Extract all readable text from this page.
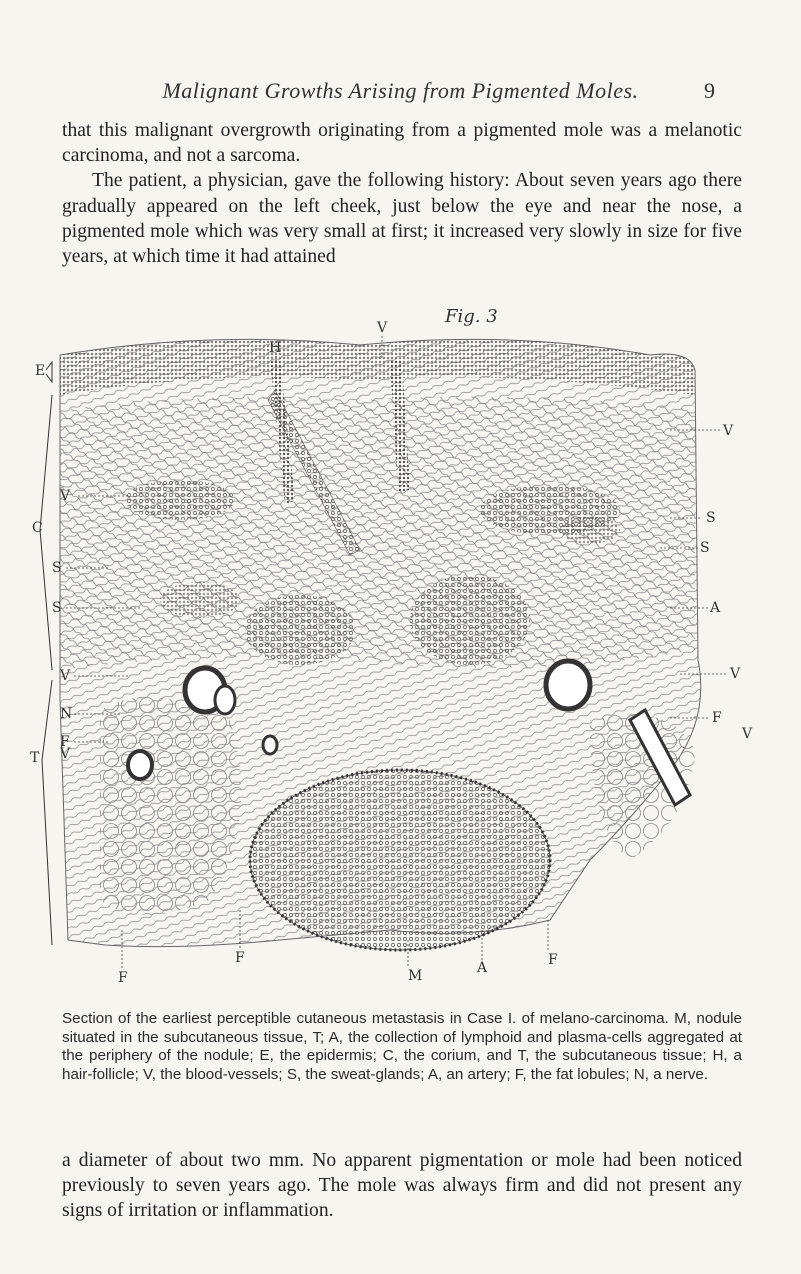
Malignant Growths Arising from Pigmented Moles.	9

that this malignant overgrowth originating from a pigmented mole was a melanotic carcinoma, and not a sarcoma.

The patient, a physician, gave the following history: About seven years ago there gradually appeared on the left cheek, just below the eye and near the nose, a pigmented mole which was very small at first; it increased very slowly in size for five years, at which time it had attained

Fig. 3
E
C
T
H
V
V
S
S
A
V
F
V
V
S
S
V
N
F
V
F
F
M	A	F

Section of the earliest perceptible cutaneous metastasis in Case I. of melano-carcinoma. M, nodule situated in the subcutaneous tissue, T; A, the collection of lymphoid and plasma-cells aggregated at the periphery of the nodule; E, the epidermis; C, the corium, and T, the subcutaneous tissue; H, a hair-follicle; V, the blood-vessels; S, the sweat-glands; A, an artery; F, the fat lobules; N, a nerve.

a diameter of about two mm. No apparent pigmentation or mole had been noticed previously to seven years ago. The mole was always firm and did not present any signs of irritation or inflammation.
